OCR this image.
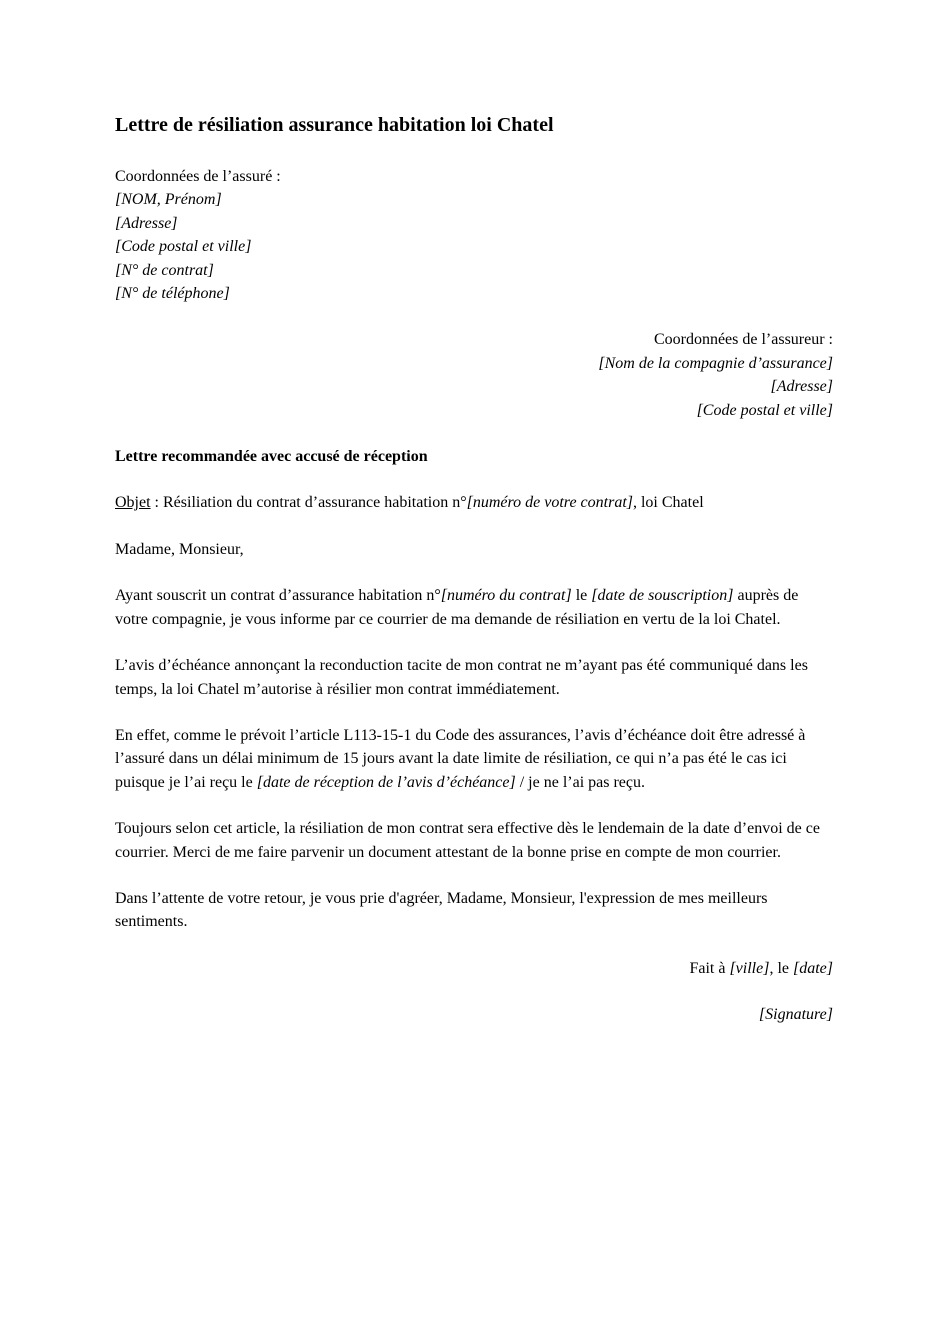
Lettre de résiliation assurance habitation loi Chatel
Coordonnées de l’assuré :
[NOM, Prénom]
[Adresse]
[Code postal et ville]
[N° de contrat]
[N° de téléphone]
Coordonnées de l’assureur :
[Nom de la compagnie d’assurance]
[Adresse]
[Code postal et ville]

Lettre recommandée avec accusé de réception

Objet : Résiliation du contrat d’assurance habitation n°[numéro de votre contrat], loi Chatel

Madame, Monsieur,

Ayant souscrit un contrat d’assurance habitation n°[numéro du contrat] le [date de souscription] auprès de votre compagnie, je vous informe par ce courrier de ma demande de résiliation en vertu de la loi Chatel.

L’avis d’échéance annonçant la reconduction tacite de mon contrat ne m’ayant pas été communiqué dans les temps, la loi Chatel m’autorise à résilier mon contrat immédiatement.

En effet, comme le prévoit l’article L113-15-1 du Code des assurances, l’avis d’échéance doit être adressé à l’assuré dans un délai minimum de 15 jours avant la date limite de résiliation, ce qui n’a pas été le cas ici puisque je l’ai reçu le [date de réception de l’avis d’échéance] / je ne l’ai pas reçu.

Toujours selon cet article, la résiliation de mon contrat sera effective dès le lendemain de la date d’envoi de ce courrier. Merci de me faire parvenir un document attestant de la bonne prise en compte de mon courrier.

Dans l’attente de votre retour, je vous prie d'agréer, Madame, Monsieur, l'expression de mes meilleurs sentiments.

Fait à [ville], le [date]

[Signature]
